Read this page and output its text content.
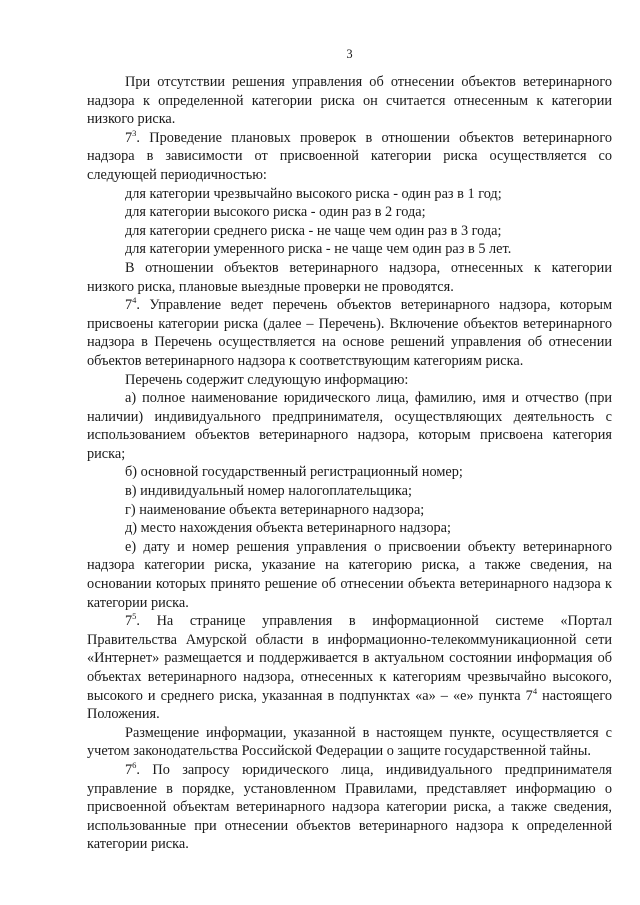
3

При отсутствии решения управления об отнесении объектов ветеринарного надзора к определенной категории риска он считается отнесенным к категории низкого риска.

$7^3$. Проведение плановых проверок в отношении объектов ветеринарного надзора в зависимости от присвоенной категории риска осуществляется со следующей периодичностью:

для категории чрезвычайно высокого риска - один раз в 1 год;

для категории высокого риска - один раз в 2 года;

для категории среднего риска - не чаще чем один раз в 3 года;

для категории умеренного риска - не чаще чем один раз в 5 лет.

В отношении объектов ветеринарного надзора, отнесенных к категории низкого риска, плановые выездные проверки не проводятся.

$7^4$. Управление ведет перечень объектов ветеринарного надзора, которым присвоены категории риска (далее – Перечень). Включение объектов ветеринарного надзора в Перечень осуществляется на основе решений управления об отнесении объектов ветеринарного надзора к соответствующим категориям риска.

Перечень содержит следующую информацию:

а) полное наименование юридического лица, фамилию, имя и отчество (при наличии) индивидуального предпринимателя, осуществляющих деятельность с использованием объектов ветеринарного надзора, которым присвоена категория риска;

б) основной государственный регистрационный номер;

в) индивидуальный номер налогоплательщика;

г) наименование объекта ветеринарного надзора;

д) место нахождения объекта ветеринарного надзора;

е) дату и номер решения управления о присвоении объекту ветеринарного надзора категории риска, указание на категорию риска, а также сведения, на основании которых принято решение об отнесении объекта ветеринарного надзора к категории риска.

$7^5$. На странице управления в информационной системе «Портал Правительства Амурской области в информационно-телекоммуникационной сети «Интернет» размещается и поддерживается в актуальном состоянии информация об объектах ветеринарного надзора, отнесенных к категориям чрезвычайно высокого, высокого и среднего риска, указанная в подпунктах «а» – «е» пункта $7^4$ настоящего Положения.

Размещение информации, указанной в настоящем пункте, осуществляется с учетом законодательства Российской Федерации о защите государственной тайны.

$7^6$. По запросу юридического лица, индивидуального предпринимателя управление в порядке, установленном Правилами, представляет информацию о присвоенной объектам ветеринарного надзора категории риска, а также сведения, использованные при отнесении объектов ветеринарного надзора к определенной категории риска.
